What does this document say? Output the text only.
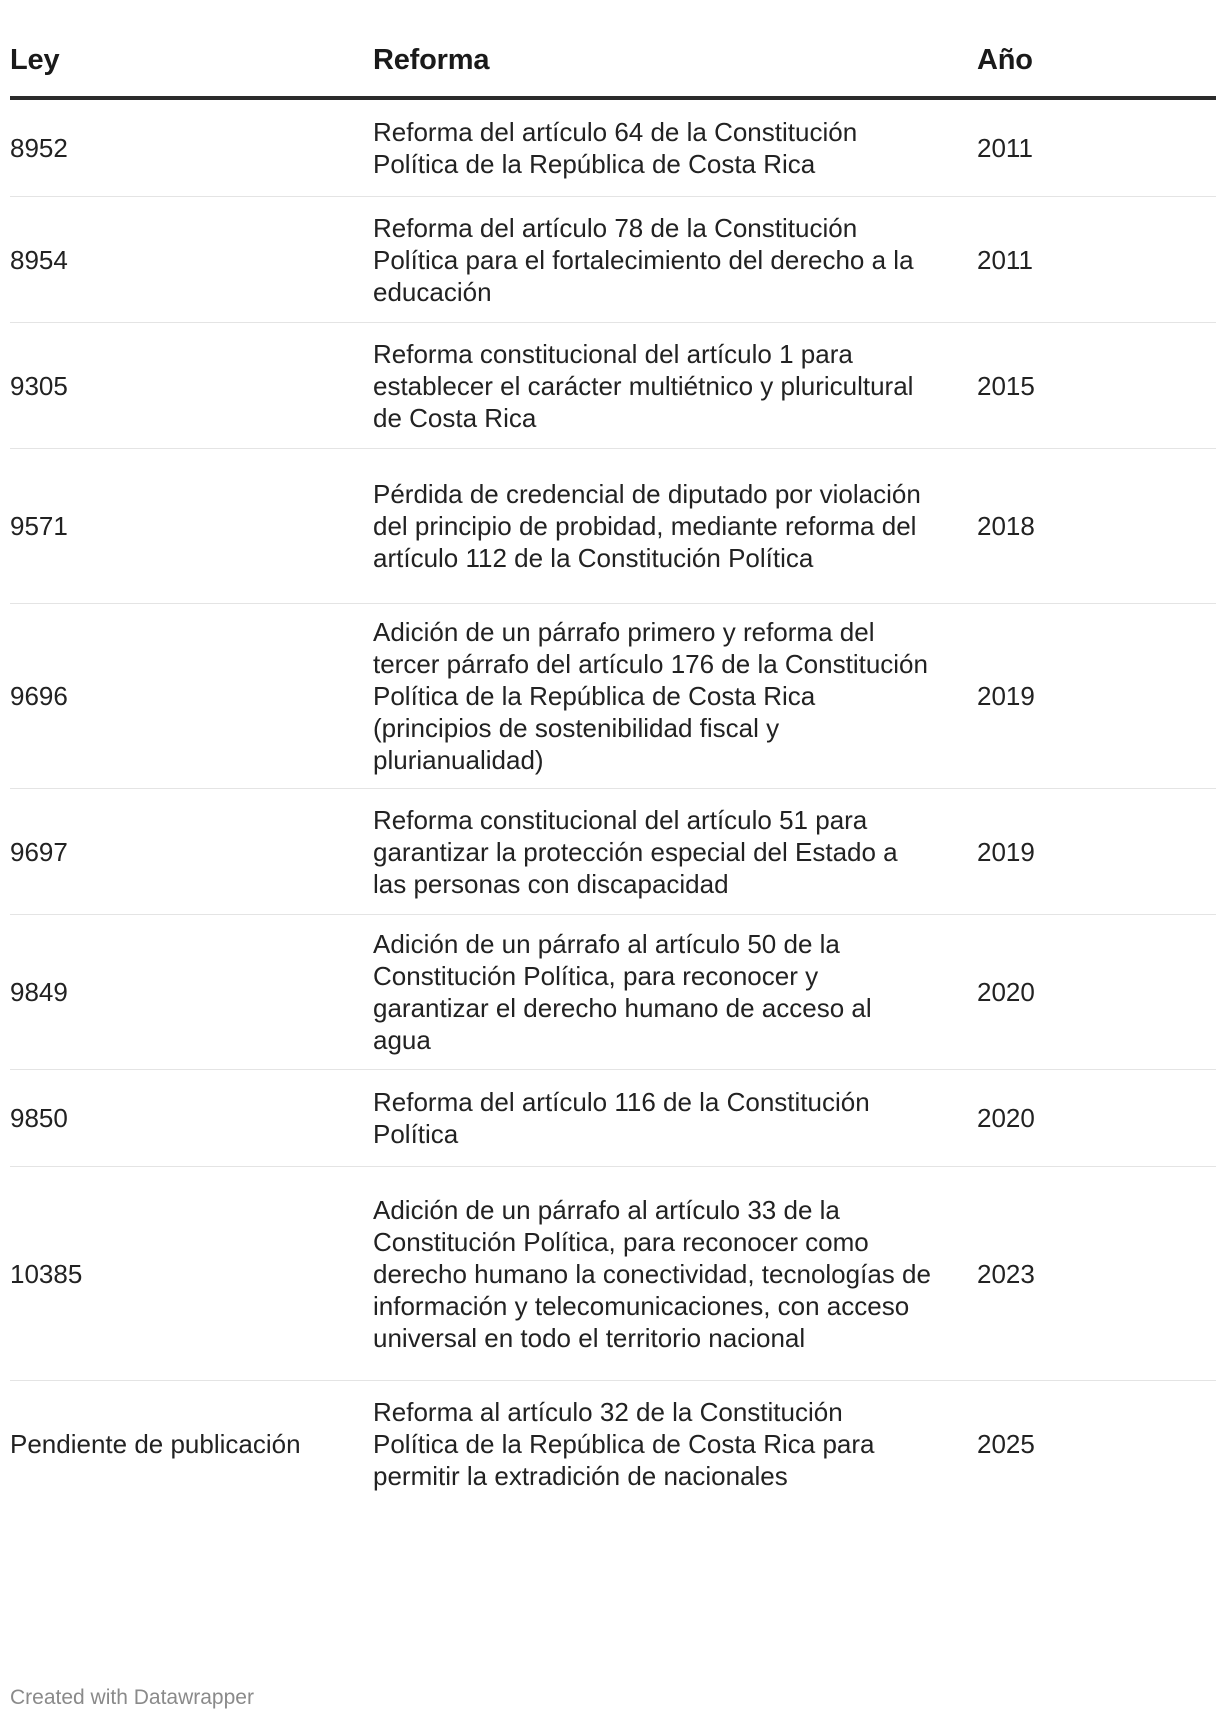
Ley	Reforma	Año
8952
Reforma del artículo 64 de la Constitución Política de la República de Costa Rica
2011
8954
Reforma del artículo 78 de la Constitución Política para el fortalecimiento del derecho a la educación
2011
9305
Reforma constitucional del artículo 1 para establecer el carácter multiétnico y pluricultural de Costa Rica
2015
9571
Pérdida de credencial de diputado por violación del principio de probidad, mediante reforma del artículo 112 de la Constitución Política
2018
9696
Adición de un párrafo primero y reforma del tercer párrafo del artículo 176 de la Constitución Política de la República de Costa Rica (principios de sostenibilidad fiscal y plurianualidad)
2019
9697
Reforma constitucional del artículo 51 para garantizar la protección especial del Estado a las personas con discapacidad
2019
9849
Adición de un párrafo al artículo 50 de la Constitución Política, para reconocer y garantizar el derecho humano de acceso al agua
2020
9850
Reforma del artículo 116 de la Constitución Política
2020
10385
Adición de un párrafo al artículo 33 de la Constitución Política, para reconocer como derecho humano la conectividad, tecnologías de información y telecomunicaciones, con acceso universal en todo el territorio nacional
2023
Pendiente de publicación
Reforma al artículo 32 de la Constitución Política de la República de Costa Rica para permitir la extradición de nacionales
2025
Created with Datawrapper
